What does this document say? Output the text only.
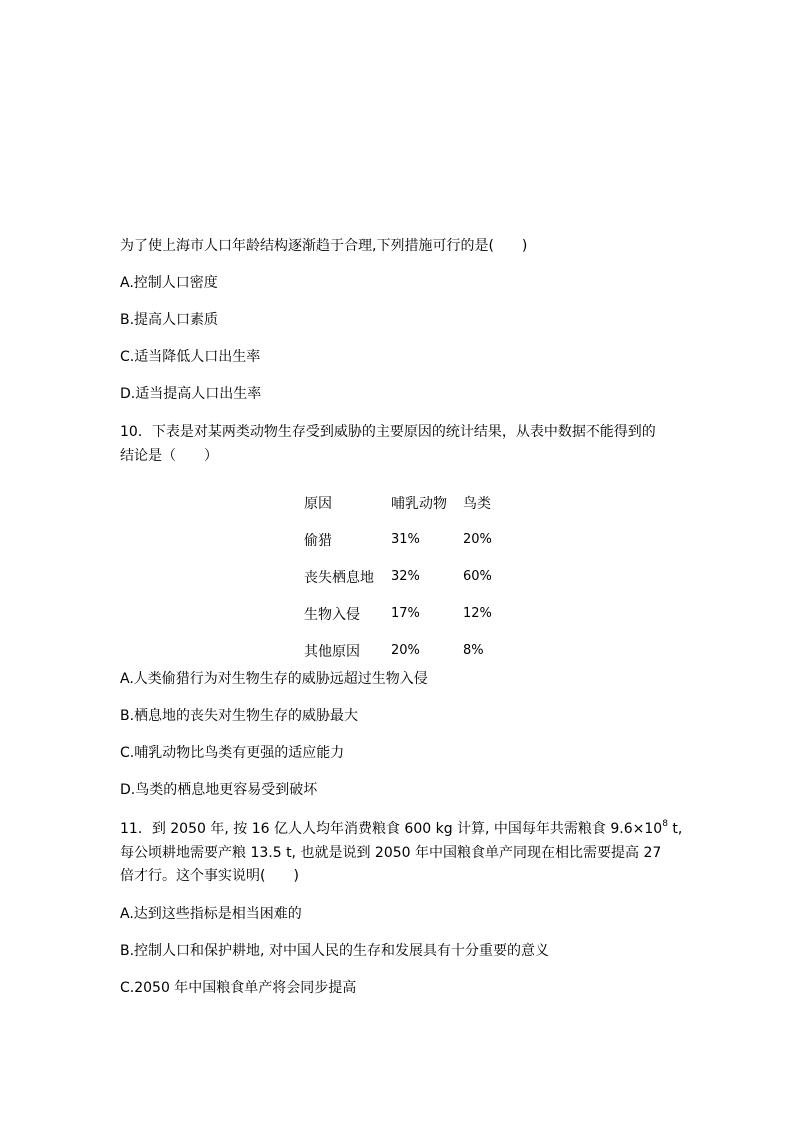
为了使上海市人口年龄结构逐渐趋于合理,下列措施可行的是(　　)
A.控制人口密度
B.提高人口素质
C.适当降低人口出生率
D.适当提高人口出生率
10．下表是对某两类动物生存受到威胁的主要原因的统计结果，从表中数据不能得到的
结论是（　　）
原因	哺乳动物	鸟类
偷猎	31%	20%
丧失栖息地	32%	60%
生物入侵	17%	12%
其他原因	20%	8%
A.人类偷猎行为对生物生存的威胁远超过生物入侵
B.栖息地的丧失对生物生存的威胁最大
C.哺乳动物比鸟类有更强的适应能力
D.鸟类的栖息地更容易受到破坏
11．到 2050 年, 按 16 亿人人均年消费粮食 600 kg 计算, 中国每年共需粮食 $9.6\times 10^8$ t,
每公顷耕地需要产粮 13.5 t, 也就是说到 2050 年中国粮食单产同现在相比需要提高 27
倍才行。这个事实说明(　　)
A.达到这些指标是相当困难的
B.控制人口和保护耕地, 对中国人民的生存和发展具有十分重要的意义
C.2050 年中国粮食单产将会同步提高
